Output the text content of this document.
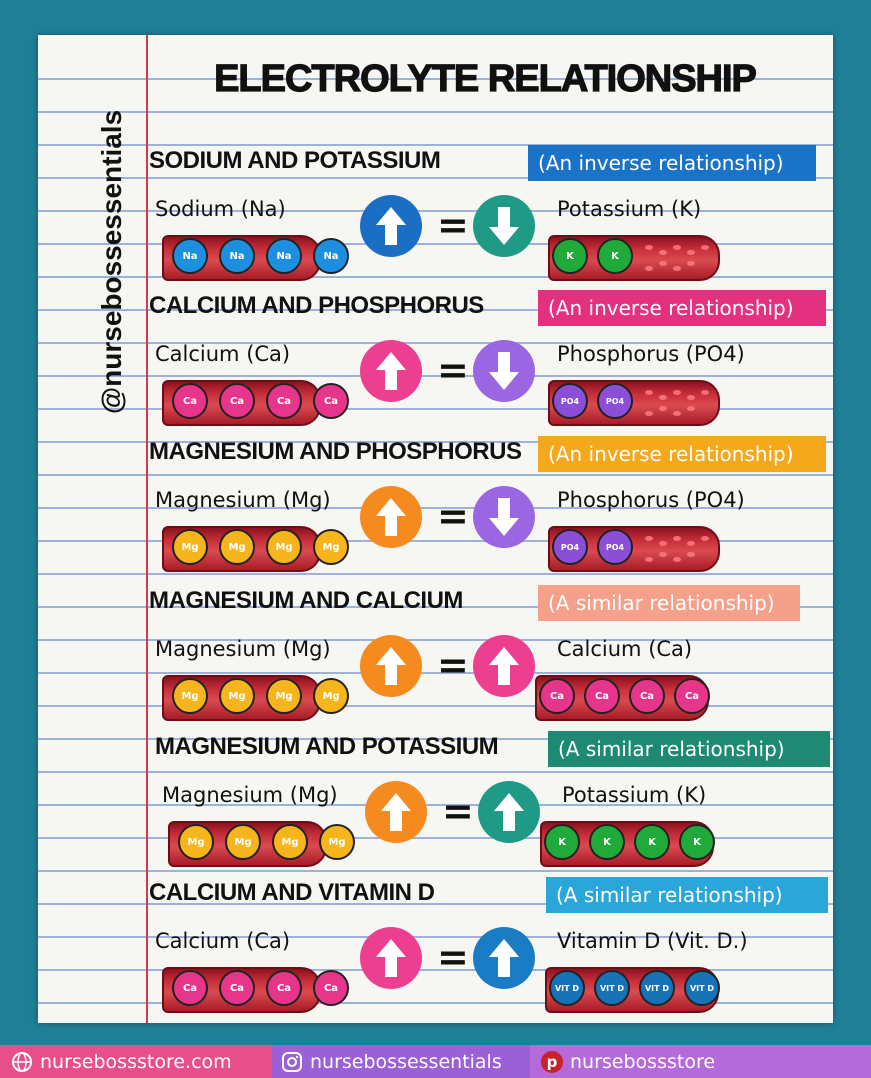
@nursebossessentials
ELECTROLYTE RELATIONSHIP
SODIUM AND POTASSIUM	(An inverse relationship)
Sodium (Na)	Potassium (K)
Na	Na	Na	Na	K	K
=
CALCIUM AND PHOSPHORUS	(An inverse relationship)
Calcium (Ca)	Phosphorus (PO4)
Ca	Ca	Ca	Ca	PO4	PO4
=
MAGNESIUM AND PHOSPHORUS	(An inverse relationship)
Magnesium (Mg)	Phosphorus (PO4)
Mg	Mg	Mg	Mg	PO4	PO4
=
MAGNESIUM AND CALCIUM	(A similar relationship)
Magnesium (Mg)	Calcium (Ca)
Mg	Mg	Mg	Mg	Ca	Ca	Ca	Ca
=
MAGNESIUM AND POTASSIUM	(A similar relationship)
Magnesium (Mg)	Potassium (K)
Mg	Mg	Mg	Mg	K	K	K	K
=
CALCIUM AND VITAMIN D	(A similar relationship)
Calcium (Ca)	Vitamin D (Vit. D.)
Ca	Ca	Ca	Ca	VIT D	VIT D	VIT D	VIT D
=
nursebossstore.com	nursebossessentials	p nursebossstore
